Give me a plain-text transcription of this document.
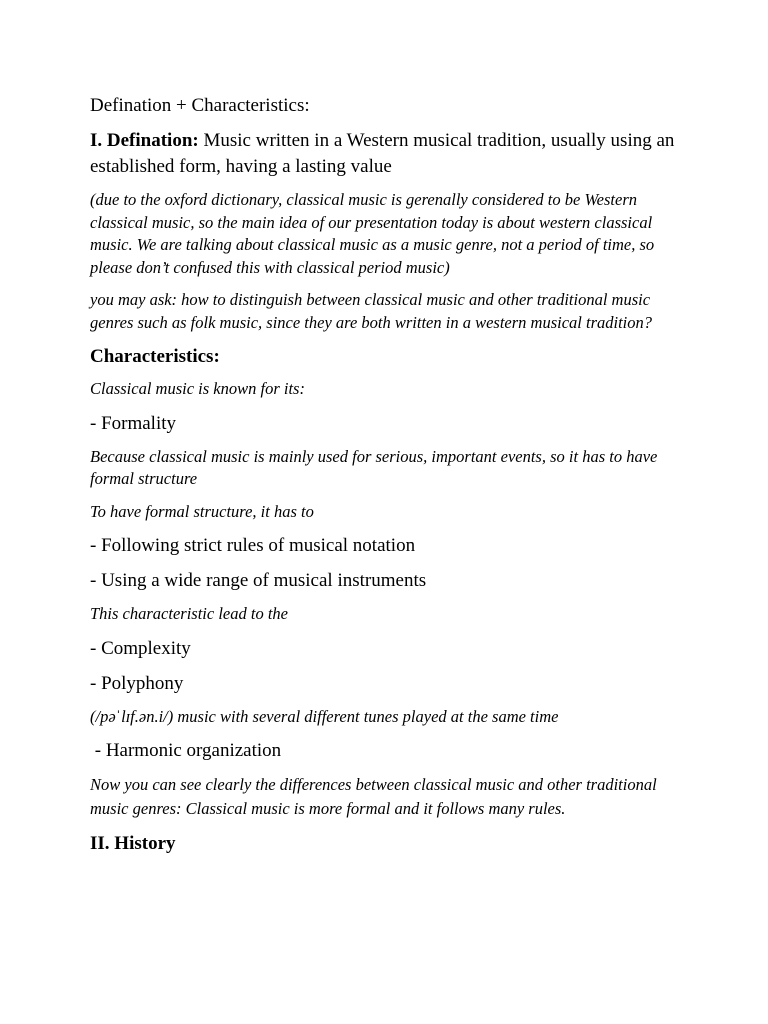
Defination + Characteristics:

I. Defination: Music written in a Western musical tradition, usually using an established form, having a lasting value

(due to the oxford dictionary, classical music is gerenally considered to be Western classical music, so the main idea of our presentation today is about western classical music. We are talking about classical music as a music genre, not a period of time, so please don’t confused this with classical period music)

you may ask: how to distinguish between classical music and other traditional music genres such as folk music, since they are both written in a western musical tradition?

Characteristics:

Classical music is known for its:

- Formality

Because classical music is mainly used for serious, important events, so it has to have formal structure

To have formal structure, it has to

- Following strict rules of musical notation

- Using a wide range of musical instruments

This characteristic lead to the

- Complexity

- Polyphony

(/pəˈlɪf.ən.i/) music with several different tunes played at the same time

- Harmonic organization

Now you can see clearly the differences between classical music and other traditional music genres: Classical music is more formal and it follows many rules.

II. History
